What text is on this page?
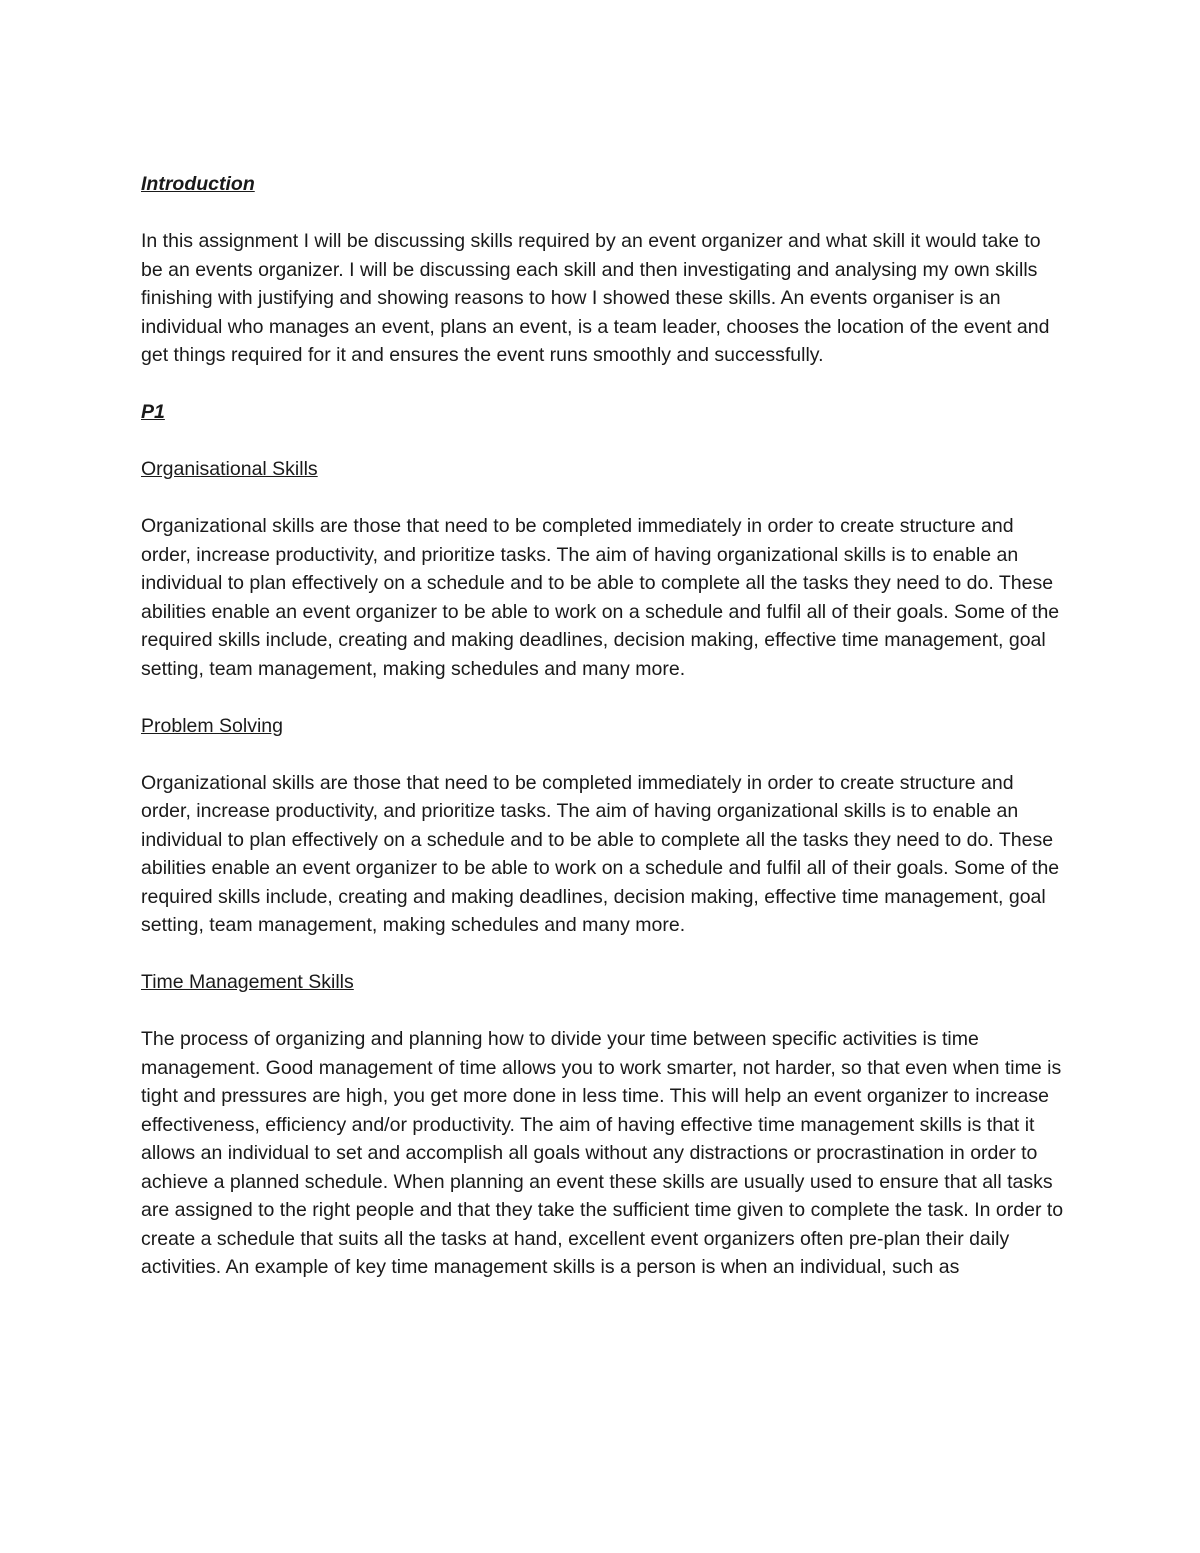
Introduction

In this assignment I will be discussing skills required by an event organizer and what skill it would take to be an events organizer. I will be discussing each skill and then investigating and analysing my own skills finishing with justifying and showing reasons to how I showed these skills. An events organiser is an individual who manages an event, plans an event, is a team leader, chooses the location of the event and get things required for it and ensures the event runs smoothly and successfully.

P1

Organisational Skills

Organizational skills are those that need to be completed immediately in order to create structure and order, increase productivity, and prioritize tasks. The aim of having organizational skills is to enable an individual to plan effectively on a schedule and to be able to complete all the tasks they need to do. These abilities enable an event organizer to be able to work on a schedule and fulfil all of their goals. Some of the required skills include, creating and making deadlines, decision making, effective time management, goal setting, team management, making schedules and many more.

Problem Solving

Organizational skills are those that need to be completed immediately in order to create structure and order, increase productivity, and prioritize tasks. The aim of having organizational skills is to enable an individual to plan effectively on a schedule and to be able to complete all the tasks they need to do. These abilities enable an event organizer to be able to work on a schedule and fulfil all of their goals. Some of the required skills include, creating and making deadlines, decision making, effective time management, goal setting, team management, making schedules and many more.

Time Management Skills

The process of organizing and planning how to divide your time between specific activities is time management. Good management of time allows you to work smarter, not harder, so that even when time is tight and pressures are high, you get more done in less time. This will help an event organizer to increase effectiveness, efficiency and/or productivity. The aim of having effective time management skills is that it allows an individual to set and accomplish all goals without any distractions or procrastination in order to achieve a planned schedule. When planning an event these skills are usually used to ensure that all tasks are assigned to the right people and that they take the sufficient time given to complete the task. In order to create a schedule that suits all the tasks at hand, excellent event organizers often pre-plan their daily activities. An example of key time management skills is a person is when an individual, such as
